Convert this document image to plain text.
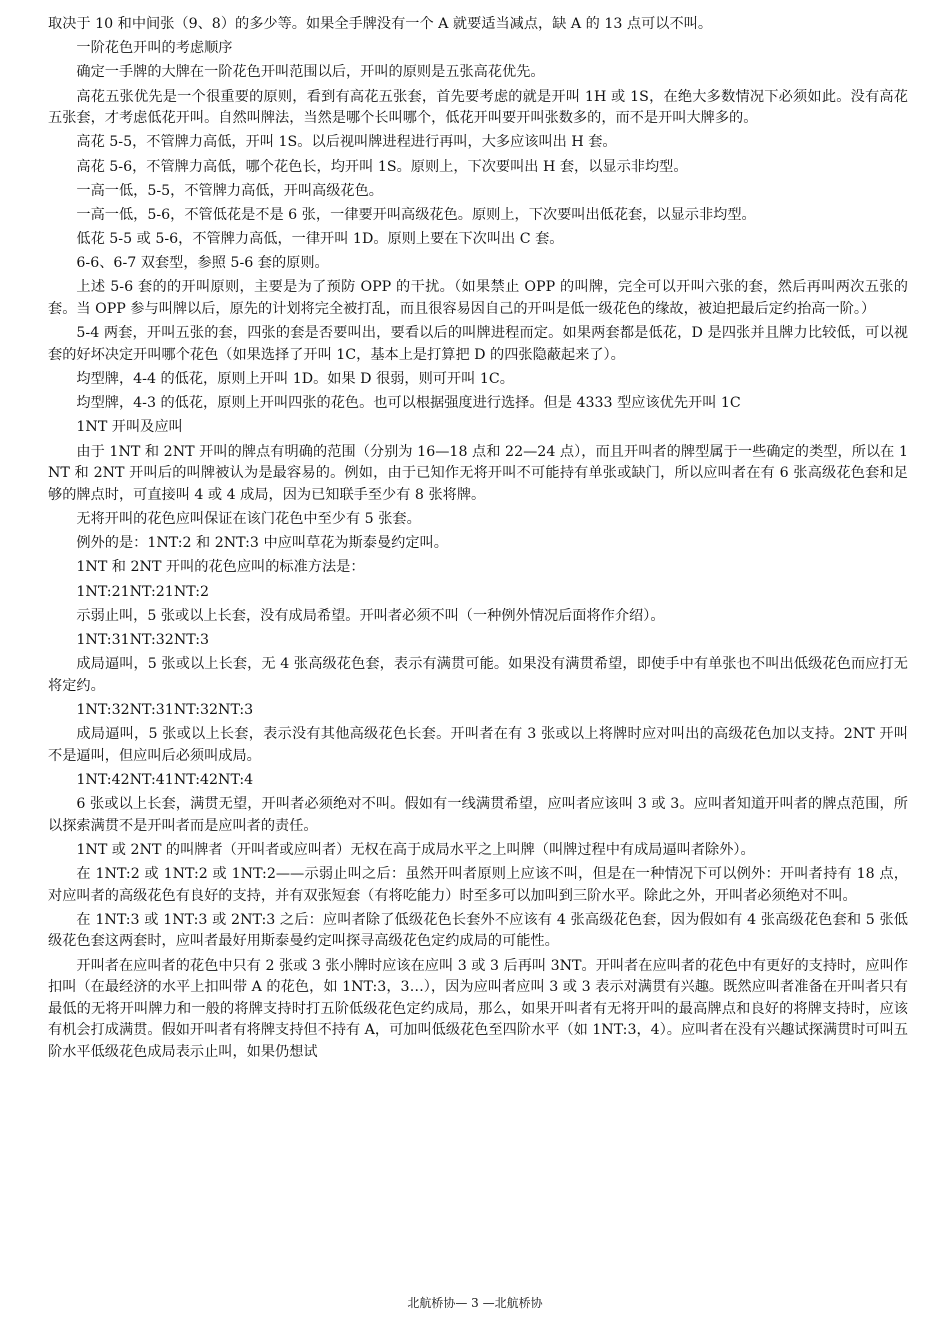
取决于 10 和中间张（9、8）的多少等。如果全手牌没有一个 A 就要适当减点，缺 A 的 13 点可以不叫。

一阶花色开叫的考虑顺序

确定一手牌的大牌在一阶花色开叫范围以后，开叫的原则是五张高花优先。

高花五张优先是一个很重要的原则，看到有高花五张套，首先要考虑的就是开叫 1H 或 1S，在绝大多数情况下必须如此。没有高花五张套，才考虑低花开叫。自然叫牌法，当然是哪个长叫哪个，低花开叫要开叫张数多的，而不是开叫大牌多的。

高花 5-5，不管牌力高低，开叫 1S。以后视叫牌进程进行再叫，大多应该叫出 H 套。

高花 5-6，不管牌力高低，哪个花色长，均开叫 1S。原则上，下次要叫出 H 套，以显示非均型。

一高一低，5-5，不管牌力高低，开叫高级花色。

一高一低，5-6，不管低花是不是 6 张，一律要开叫高级花色。原则上，下次要叫出低花套，以显示非均型。

低花 5-5 或 5-6，不管牌力高低，一律开叫 1D。原则上要在下次叫出 C 套。

6-6、6-7 双套型，参照 5-6 套的原则。

上述 5-6 套的的开叫原则，主要是为了预防 OPP 的干扰。（如果禁止 OPP 的叫牌，完全可以开叫六张的套，然后再叫两次五张的套。当 OPP 参与叫牌以后，原先的计划将完全被打乱，而且很容易因自己的开叫是低一级花色的缘故，被迫把最后定约抬高一阶。）

5-4 两套，开叫五张的套，四张的套是否要叫出，要看以后的叫牌进程而定。如果两套都是低花，D 是四张并且牌力比较低，可以视套的好坏决定开叫哪个花色（如果选择了开叫 1C，基本上是打算把 D 的四张隐蔽起来了）。

均型牌，4-4 的低花，原则上开叫 1D。如果 D 很弱，则可开叫 1C。

均型牌，4-3 的低花，原则上开叫四张的花色。也可以根据强度进行选择。但是 4333 型应该优先开叫 1C

1NT 开叫及应叫

由于 1NT 和 2NT 开叫的牌点有明确的范围（分别为 16—18 点和 22—24 点），而且开叫者的牌型属于一些确定的类型，所以在 1NT 和 2NT 开叫后的叫牌被认为是最容易的。例如，由于已知作无将开叫不可能持有单张或缺门，所以应叫者在有 6 张高级花色套和足够的牌点时，可直接叫 4 或 4 成局，因为已知联手至少有 8 张将牌。

无将开叫的花色应叫保证在该门花色中至少有 5 张套。

例外的是：1NT:2 和 2NT:3 中应叫草花为斯泰曼约定叫。

1NT 和 2NT 开叫的花色应叫的标准方法是：

1NT:21NT:21NT:2

示弱止叫，5 张或以上长套，没有成局希望。开叫者必须不叫（一种例外情况后面将作介绍）。

1NT:31NT:32NT:3

成局逼叫，5 张或以上长套，无 4 张高级花色套，表示有满贯可能。如果没有满贯希望，即使手中有单张也不叫出低级花色而应打无将定约。

1NT:32NT:31NT:32NT:3

成局逼叫，5 张或以上长套，表示没有其他高级花色长套。开叫者在有 3 张或以上将牌时应对叫出的高级花色加以支持。2NT 开叫不是逼叫，但应叫后必须叫成局。

1NT:42NT:41NT:42NT:4

6 张或以上长套，满贯无望，开叫者必须绝对不叫。假如有一线满贯希望，应叫者应该叫 3 或 3。应叫者知道开叫者的牌点范围，所以探索满贯不是开叫者而是应叫者的责任。

1NT 或 2NT 的叫牌者（开叫者或应叫者）无权在高于成局水平之上叫牌（叫牌过程中有成局逼叫者除外）。

在 1NT:2 或 1NT:2 或 1NT:2——示弱止叫之后：虽然开叫者原则上应该不叫，但是在一种情况下可以例外：开叫者持有 18 点，对应叫者的高级花色有良好的支持，并有双张短套（有将吃能力）时至多可以加叫到三阶水平。除此之外，开叫者必须绝对不叫。

在 1NT:3 或 1NT:3 或 2NT:3 之后：应叫者除了低级花色长套外不应该有 4 张高级花色套，因为假如有 4 张高级花色套和 5 张低级花色套这两套时，应叫者最好用斯泰曼约定叫探寻高级花色定约成局的可能性。

开叫者在应叫者的花色中只有 2 张或 3 张小牌时应该在应叫 3 或 3 后再叫 3NT。开叫者在应叫者的花色中有更好的支持时，应叫作扣叫（在最经济的水平上扣叫带 A 的花色，如 1NT:3，3…），因为应叫者应叫 3 或 3 表示对满贯有兴趣。既然应叫者准备在开叫者只有最低的无将开叫牌力和一般的将牌支持时打五阶低级花色定约成局，那么，如果开叫者有无将开叫的最高牌点和良好的将牌支持时，应该有机会打成满贯。假如开叫者有将牌支持但不持有 A，可加叫低级花色至四阶水平（如 1NT:3，4）。应叫者在没有兴趣试探满贯时可叫五阶水平低级花色成局表示止叫，如果仍想试

北航桥协— 3 —北航桥协
